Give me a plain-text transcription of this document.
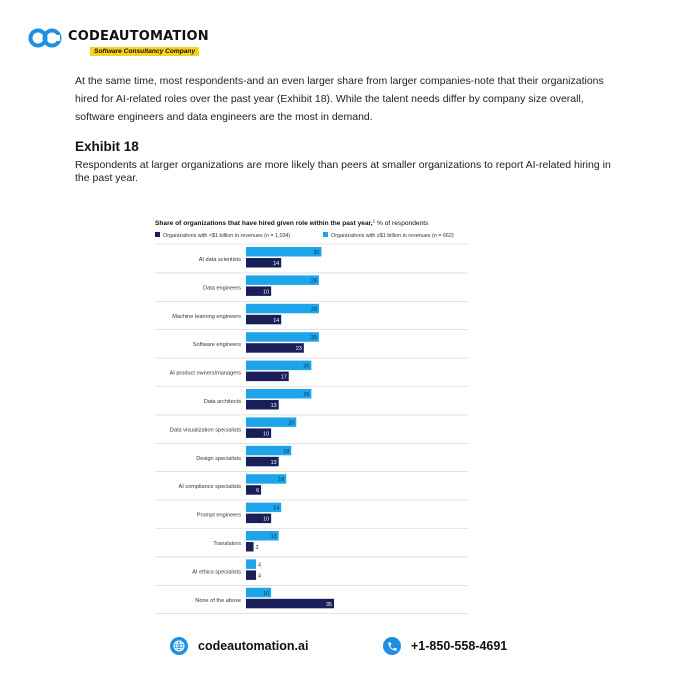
CODEAUTOMATION
Software Consultancy Company

At the same time, most respondents-and an even larger share from larger companies-note that their organizations hired for AI-related roles over the past year (Exhibit 18). While the talent needs differ by company size overall, software engineers and data engineers are the most in demand.

Exhibit 18

Respondents at larger organizations are more likely than peers at smaller organizations to report AI-related hiring in the past year.

Share of organizations that have hired given role within the past year,$^1$ % of respondents
Organizations with <$1 billion in revenues (n = 1,034)	Organizations with ≥$1 billion in revenues (n = 662)
AI data scientists
30
14
Data engineers
29
10
Machine learning engineers
29
14
Software engineers
29
23
AI product owners/managers
26
17
Data architects
26
13
Data visualization specialists
20
10
Design specialists
18
13
AI compliance specialists
16
6
Prompt engineers
14
10
Translators
13
3
AI ethics specialists
4
4
None of the above
10
35
codeautomation.ai	+1-850-558-4691
